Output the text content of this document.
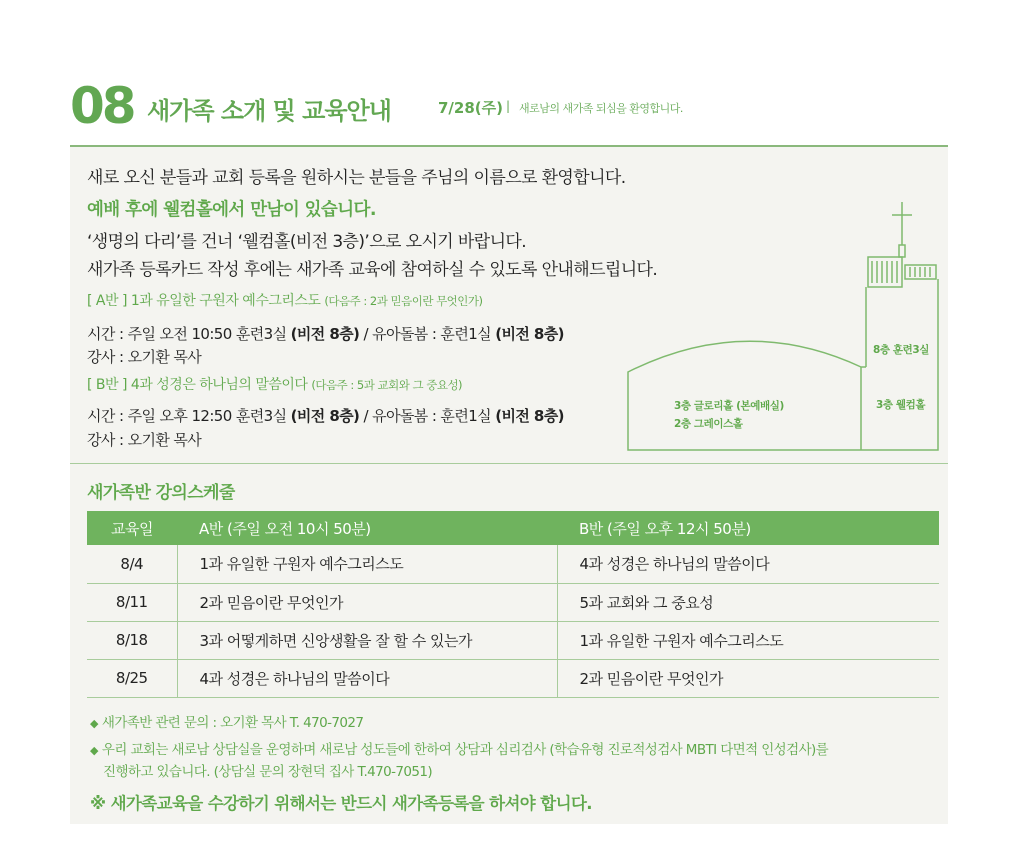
08 새가족 소개 및 교육안내	7/28(주) | 새로남의 새가족 되심을 환영합니다.
새로 오신 분들과 교회 등록을 원하시는 분들을 주님의 이름으로 환영합니다.
예배 후에 웰컴홀에서 만남이 있습니다.
‘생명의 다리’를 건너 ‘웰컴홀(비전 3층)’으로 오시기 바랍니다.
새가족 등록카드 작성 후에는 새가족 교육에 참여하실 수 있도록 안내해드립니다.
[ A반 ] 1과 유일한 구원자 예수그리스도 (다음주 : 2과 믿음이란 무엇인가)
시간 : 주일 오전 10:50 훈련3실 (비전 8층) / 유아돌봄 : 훈련1실 (비전 8층)
강사 : 오기환 목사
[ B반 ] 4과 성경은 하나님의 말씀이다 (다음주 : 5과 교회와 그 중요성)
시간 : 주일 오후 12:50 훈련3실 (비전 8층) / 유아돌봄 : 훈련1실 (비전 8층)
강사 : 오기환 목사
8층 훈련3실
3층 웰컴홀
3층 글로리홀 (본예배실)
2층 그레이스홀
새가족반 강의스케줄
교육일	A반 (주일 오전 10시 50분)	B반 (주일 오후 12시 50분)
8/4	1과 유일한 구원자 예수그리스도	4과 성경은 하나님의 말씀이다
8/11	2과 믿음이란 무엇인가	5과 교회와 그 중요성
8/18	3과 어떻게하면 신앙생활을 잘 할 수 있는가	1과 유일한 구원자 예수그리스도
8/25	4과 성경은 하나님의 말씀이다	2과 믿음이란 무엇인가
◆ 새가족반 관련 문의 : 오기환 목사 T. 470-7027
◆ 우리 교회는 새로남 상담실을 운영하며 새로남 성도들에 한하여 상담과 심리검사 (학습유형 진로적성검사 MBTI 다면적 인성검사)를
진행하고 있습니다. (상담실 문의 장현덕 집사 T.470-7051)
※ 새가족교육을 수강하기 위해서는 반드시 새가족등록을 하셔야 합니다.
